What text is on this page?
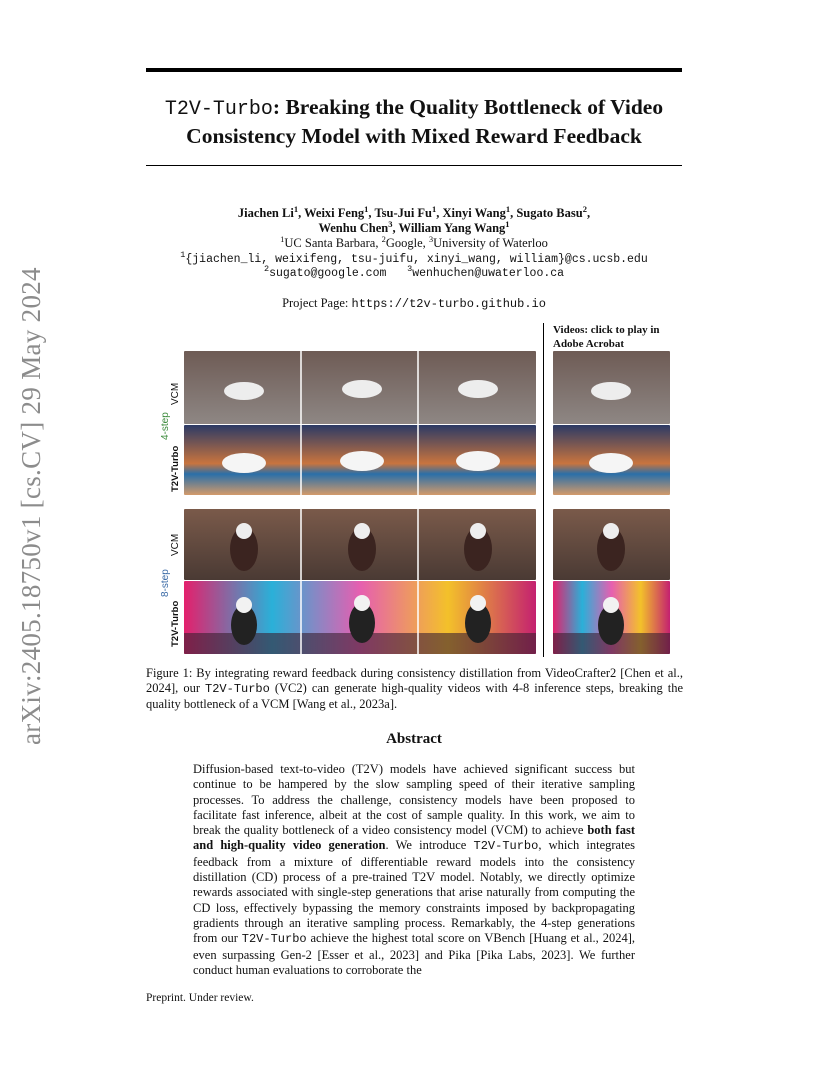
arXiv:2405.18750v1 [cs.CV] 29 May 2024
T2V-Turbo: Breaking the Quality Bottleneck of Video
Consistency Model with Mixed Reward Feedback
Jiachen Li$^1$, Weixi Feng$^1$, Tsu-Jui Fu$^1$, Xinyi Wang$^1$, Sugato Basu$^2$,
Wenhu Chen$^3$, William Yang Wang$^1$
$^1$UC Santa Barbara, $^2$Google, $^3$University of Waterloo
$^1${jiachen_li, weixifeng, tsu-juifu, xinyi_wang, william}@cs.ucsb.edu
$^2$sugato@google.com $^3$wenhuchen@uwaterloo.ca
Project Page: https://t2v-turbo.github.io
Videos: click to play in
Adobe Acrobat
VCM
T2V-Turbo
4-step
VCM
T2V-Turbo
8-step
Figure 1: By integrating reward feedback during consistency distillation from VideoCrafter2 [Chen et al., 2024], our T2V-Turbo (VC2) can generate high-quality videos with 4-8 inference steps, breaking the quality bottleneck of a VCM [Wang et al., 2023a].
Abstract
Diffusion-based text-to-video (T2V) models have achieved significant success but continue to be hampered by the slow sampling speed of their iterative sampling processes. To address the challenge, consistency models have been proposed to facilitate fast inference, albeit at the cost of sample quality. In this work, we aim to break the quality bottleneck of a video consistency model (VCM) to achieve both fast and high-quality video generation. We introduce T2V-Turbo, which integrates feedback from a mixture of differentiable reward models into the consistency distillation (CD) process of a pre-trained T2V model. Notably, we directly optimize rewards associated with single-step generations that arise naturally from computing the CD loss, effectively bypassing the memory constraints imposed by backpropagating gradients through an iterative sampling process. Remarkably, the 4-step generations from our T2V-Turbo achieve the highest total score on VBench [Huang et al., 2024], even surpassing Gen-2 [Esser et al., 2023] and Pika [Pika Labs, 2023]. We further conduct human evaluations to corroborate the
Preprint. Under review.
